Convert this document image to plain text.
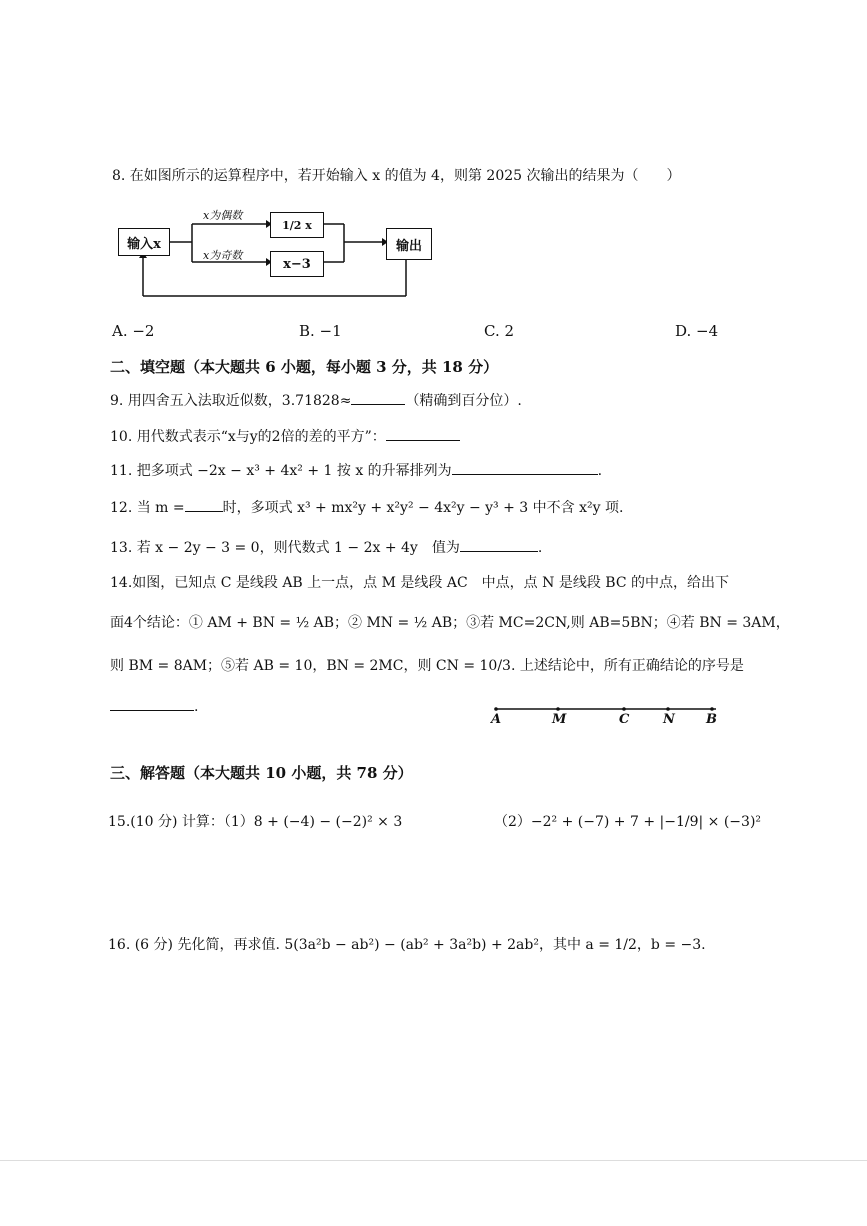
8. 在如图所示的运算程序中，若开始输入 x 的值为 4，则第 2025 次输出的结果为（　　）
输入x
x为偶数
x为奇数
1/2 x
x−3
输出
A. −2	B. −1	C. 2	D. −4
二、填空题（本大题共 6 小题，每小题 3 分，共 18 分）
9. 用四舍五入法取近似数，3.71828≈	（精确到百分位）.
10. 用代数式表示“x与y的2倍的差的平方”：
11. 把多项式 −2x − x³ + 4x² + 1 按 x 的升幂排列为	.
12. 当 m =	时，多项式 x³ + mx²y + x²y² − 4x²y − y³ + 3 中不含 x²y 项.
13. 若 x − 2y − 3 = 0，则代数式 1 − 2x + 4y　值为	.
14.如图，已知点 C 是线段 AB 上一点，点 M 是线段 AC　中点，点 N 是线段 BC 的中点，给出下
面4个结论：① AM + BN = ½ AB；② MN = ½ AB；③若 MC=2CN,则 AB=5BN；④若 BN = 3AM，
则 BM = 8AM；⑤若 AB = 10，BN = 2MC，则 CN = 10/3. 上述结论中，所有正确结论的序号是
.
A	M	C	N B
三、解答题（本大题共 10 小题，共 78 分）
15.(10 分) 计算：（1）8 + (−4) − (−2)² × 3	（2）−2² + (−7) + 7 + |−1/9| × (−3)²
16. (6 分) 先化简，再求值. 5(3a²b − ab²) − (ab² + 3a²b) + 2ab²，其中 a = 1/2，b = −3.
